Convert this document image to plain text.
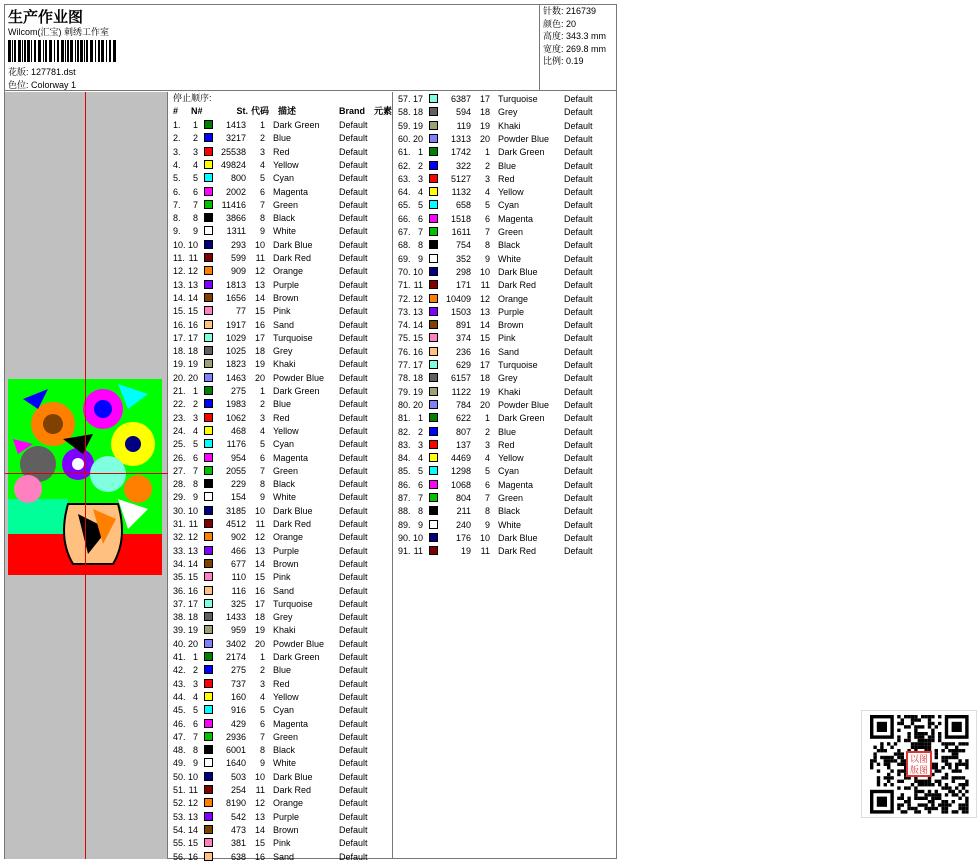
生产作业图
Wilcom(汇宝) 刺绣工作室
花版: 127781.dst
色位: Colorway 1
针数: 216739
颜色: 20
高度: 343.3 mm
宽度: 269.8 mm
比例: 0.19
停止顺序:
# N#	St. 代码 描述	Brand 元素
1.	1	1413	1 Dark Green Default
2.	2	3217	2 Blue	Default
3.	3	25538	3 Red	Default
4.	4	49824	4 Yellow	Default
5.	5	800	5 Cyan	Default
6.	6	2002	6 Magenta	Default
7.	7	11416	7 Green	Default
8.	8	3866	8 Black	Default
9.	9	1311	9 White	Default
10. 10	293 10 Dark Blue	Default
11. 11	599	11 Dark Red	Default
12. 12	909 12 Orange	Default
13. 13	1813 13 Purple	Default
14. 14	1656 14 Brown	Default
15. 15	77 15 Pink	Default
16. 16	1917 16 Sand	Default
17. 17	1029 17 Turquoise	Default
18. 18	1025 18 Grey	Default
19. 19	1823 19 Khaki	Default
20. 20	1463 20 Powder Blue Default
21. 1	275	1 Dark Green Default
22. 2	1983	2 Blue	Default
23. 3	1062	3 Red	Default
24. 4	468	4 Yellow	Default
25. 5	1176	5 Cyan	Default
26. 6	954	6 Magenta	Default
27. 7	2055	7 Green	Default
28. 8	229	8 Black	Default
29. 9	154	9 White	Default
30. 10	3185 10 Dark Blue	Default
31. 11	4512	11 Dark Red	Default
32. 12	902 12 Orange	Default
33. 13	466 13 Purple	Default
34. 14	677 14 Brown	Default
35. 15	110 15 Pink	Default
36. 16	116 16 Sand	Default
37. 17	325 17 Turquoise	Default
38. 18	1433 18 Grey	Default
39. 19	959 19 Khaki	Default
40. 20	3402 20 Powder Blue Default
41. 1	2174	1 Dark Green Default
42. 2	275	2 Blue	Default
43. 3	737	3 Red	Default
44. 4	160	4 Yellow	Default
45. 5	916	5 Cyan	Default
46. 6	429	6 Magenta	Default
47. 7	2936	7 Green	Default
48. 8	6001	8 Black	Default
49. 9	1640	9 White	Default
50. 10	503 10 Dark Blue	Default
51. 11	254	11 Dark Red	Default
52. 12	8190 12 Orange	Default
53. 13	542 13 Purple	Default
54. 14	473 14 Brown	Default
55. 15	381 15 Pink	Default
56. 16	638 16 Sand	Default
57. 17	6387 17 Turquoise	Default
58. 18	594 18 Grey	Default
59. 19	119 19 Khaki	Default
60. 20	1313 20 Powder Blue Default
61. 1	1742	1 Dark Green Default
62. 2	322	2 Blue	Default
63. 3	5127	3 Red	Default
64. 4	1132	4 Yellow	Default
65. 5	658	5 Cyan	Default
66. 6	1518	6 Magenta	Default
67. 7	1611	7 Green	Default
68. 8	754	8 Black	Default
69. 9	352	9 White	Default
70. 10	298 10 Dark Blue	Default
71. 11	171	11 Dark Red	Default
72. 12	10409 12 Orange	Default
73. 13	1503 13 Purple	Default
74. 14	891 14 Brown	Default
75. 15	374 15 Pink	Default
76. 16	236 16 Sand	Default
77. 17	629 17 Turquoise	Default
78. 18	6157 18 Grey	Default
79. 19	1122 19 Khaki	Default
80. 20	784 20 Powder Blue Default
81. 1	622	1 Dark Green Default
82. 2	807	2 Blue	Default
83. 3	137	3 Red	Default
84. 4	4469	4 Yellow	Default
85. 5	1298	5 Cyan	Default
86. 6	1068	6 Magenta	Default
87. 7	804	7 Green	Default
88. 8	211	8 Black	Default
89. 9	240	9 White	Default
90. 10	176 10 Dark Blue	Default
91. 11	19	11 Dark Red	Default
以图版图
